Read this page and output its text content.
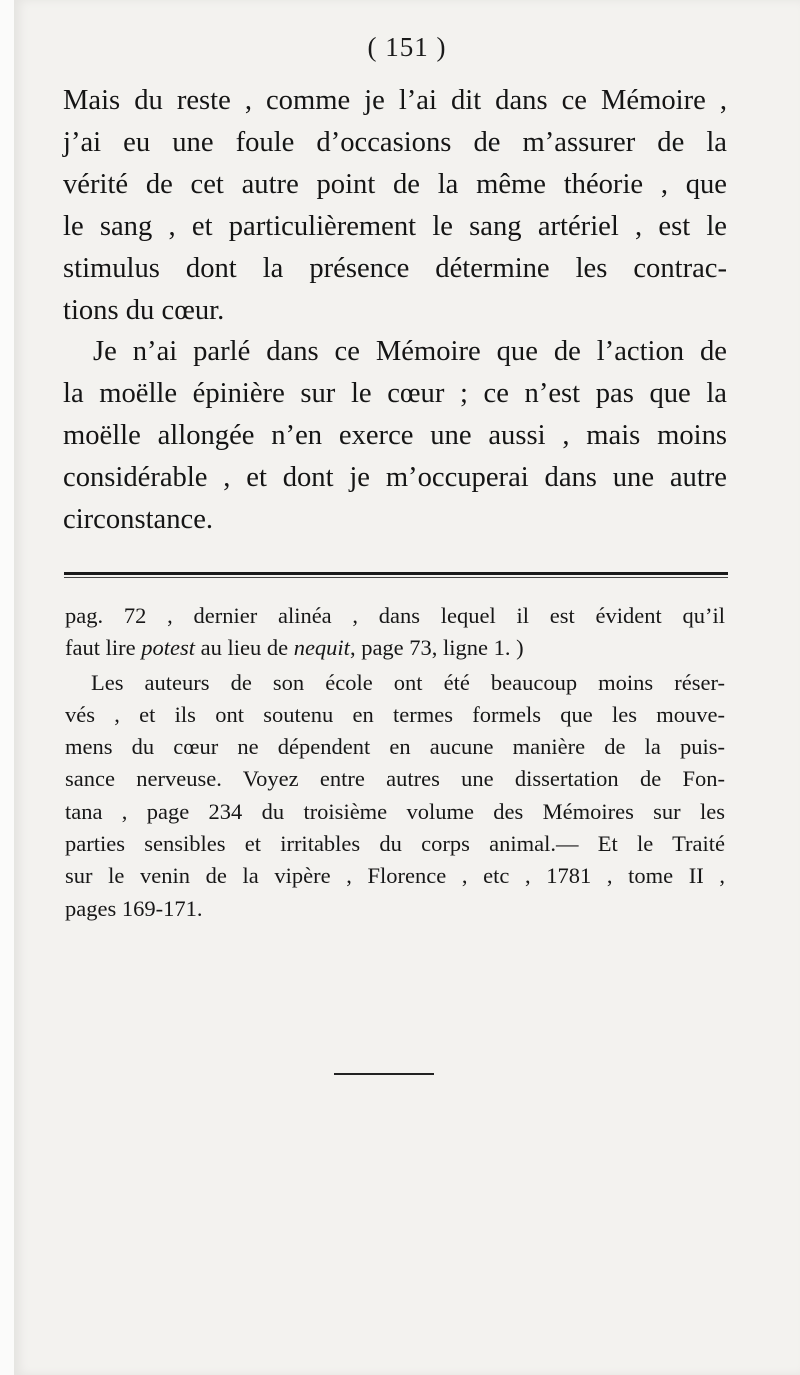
( 151 )

Mais du reste , comme je l’ai dit dans ce Mémoire ,
j’ai eu une foule d’occasions de m’assurer de la
vérité de cet autre point de la même théorie , que
le sang , et particulièrement le sang artériel , est le
stimulus dont la présence détermine les contrac-
tions du cœur.

Je n’ai parlé dans ce Mémoire que de l’action de
la moëlle épinière sur le cœur ; ce n’est pas que la
moëlle allongée n’en exerce une aussi , mais moins
considérable , et dont je m’occuperai dans une autre
circonstance.

pag. 72 , dernier alinéa , dans lequel il est évident qu’il
faut lire potest au lieu de nequit, page 73, ligne 1. )
Les auteurs de son école ont été beaucoup moins réser-
vés , et ils ont soutenu en termes formels que les mouve-
mens du cœur ne dépendent en aucune manière de la puis-
sance nerveuse. Voyez entre autres une dissertation de Fon-
tana , page 234 du troisième volume des Mémoires sur les
parties sensibles et irritables du corps animal.— Et le Traité
sur le venin de la vipère , Florence , etc , 1781 , tome II ,
pages 169-171.
